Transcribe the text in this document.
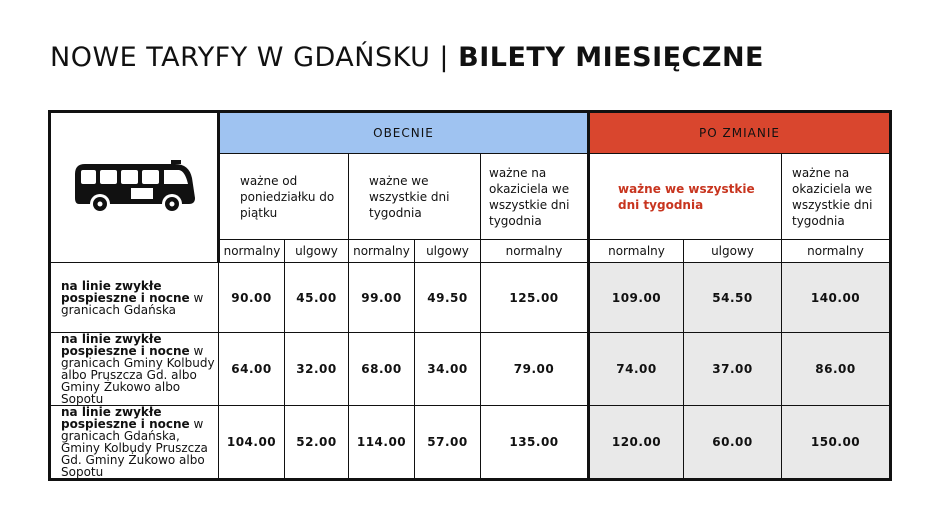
NOWE TARYFY W GDAŃSKU | BILETY MIESIĘCZNE
	OBECNIE					PO ZMIANIE		
	ważne od poniedziałku do piątku		ważne we wszystkie dni tygodnia		ważne na okaziciela we wszystkie dni tygodnia	ważne we wszystkie dni tygodnia		ważne na okaziciela we wszystkie dni tygodnia
	normalny	ulgowy	normalny	ulgowy	normalny	normalny	ulgowy	normalny
na linie zwykłe pospieszne i nocne w granicach Gdańska	90.00	45.00	99.00	49.50	125.00	109.00	54.50	140.00
na linie zwykłe pospieszne i nocne w granicach Gminy Kolbudy albo Pruszcza Gd. albo Gminy Żukowo albo Sopotu	64.00	32.00	68.00	34.00	79.00	74.00	37.00	86.00
na linie zwykłe pospieszne i nocne w granicach Gdańska, Gminy Kolbudy Pruszcza Gd. Gminy Żukowo albo Sopotu	104.00	52.00	114.00	57.00	135.00	120.00	60.00	150.00
